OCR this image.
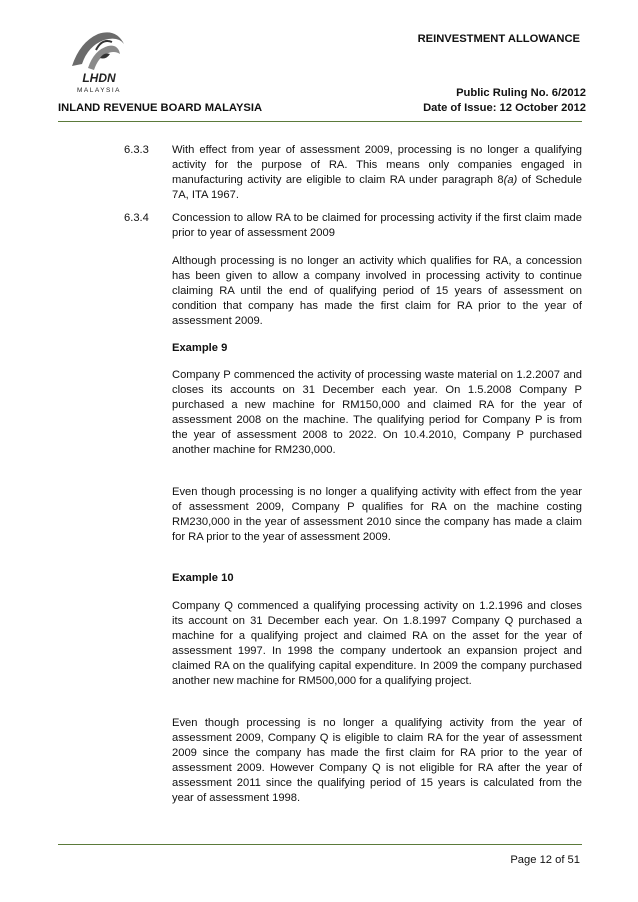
LHDN
MALAYSIA
REINVESTMENT ALLOWANCE
Public Ruling No. 6/2012
Date of Issue: 12 October 2012
INLAND REVENUE BOARD MALAYSIA
6.3.3 With effect from year of assessment 2009, processing is no longer a qualifying activity for the purpose of RA. This means only companies engaged in manufacturing activity are eligible to claim RA under paragraph 8(a) of Schedule 7A, ITA 1967.

6.3.4 Concession to allow RA to be claimed for processing activity if the first claim made prior to year of assessment 2009

Although processing is no longer an activity which qualifies for RA, a concession has been given to allow a company involved in processing activity to continue claiming RA until the end of qualifying period of 15 years of assessment on condition that company has made the first claim for RA prior to the year of assessment 2009.

Example 9

Company P commenced the activity of processing waste material on 1.2.2007 and closes its accounts on 31 December each year. On 1.5.2008 Company P purchased a new machine for RM150,000 and claimed RA for the year of assessment 2008 on the machine. The qualifying period for Company P is from the year of assessment 2008 to 2022. On 10.4.2010, Company P purchased another machine for RM230,000.

Even though processing is no longer a qualifying activity with effect from the year of assessment 2009, Company P qualifies for RA on the machine costing RM230,000 in the year of assessment 2010 since the company has made a claim for RA prior to the year of assessment 2009.

Example 10

Company Q commenced a qualifying processing activity on 1.2.1996 and closes its account on 31 December each year. On 1.8.1997 Company Q purchased a machine for a qualifying project and claimed RA on the asset for the year of assessment 1997. In 1998 the company undertook an expansion project and claimed RA on the qualifying capital expenditure. In 2009 the company purchased another new machine for RM500,000 for a qualifying project.

Even though processing is no longer a qualifying activity from the year of assessment 2009, Company Q is eligible to claim RA for the year of assessment 2009 since the company has made the first claim for RA prior to the year of assessment 2009. However Company Q is not eligible for RA after the year of assessment 2011 since the qualifying period of 15 years is calculated from the year of assessment 1998.

Page 12 of 51
